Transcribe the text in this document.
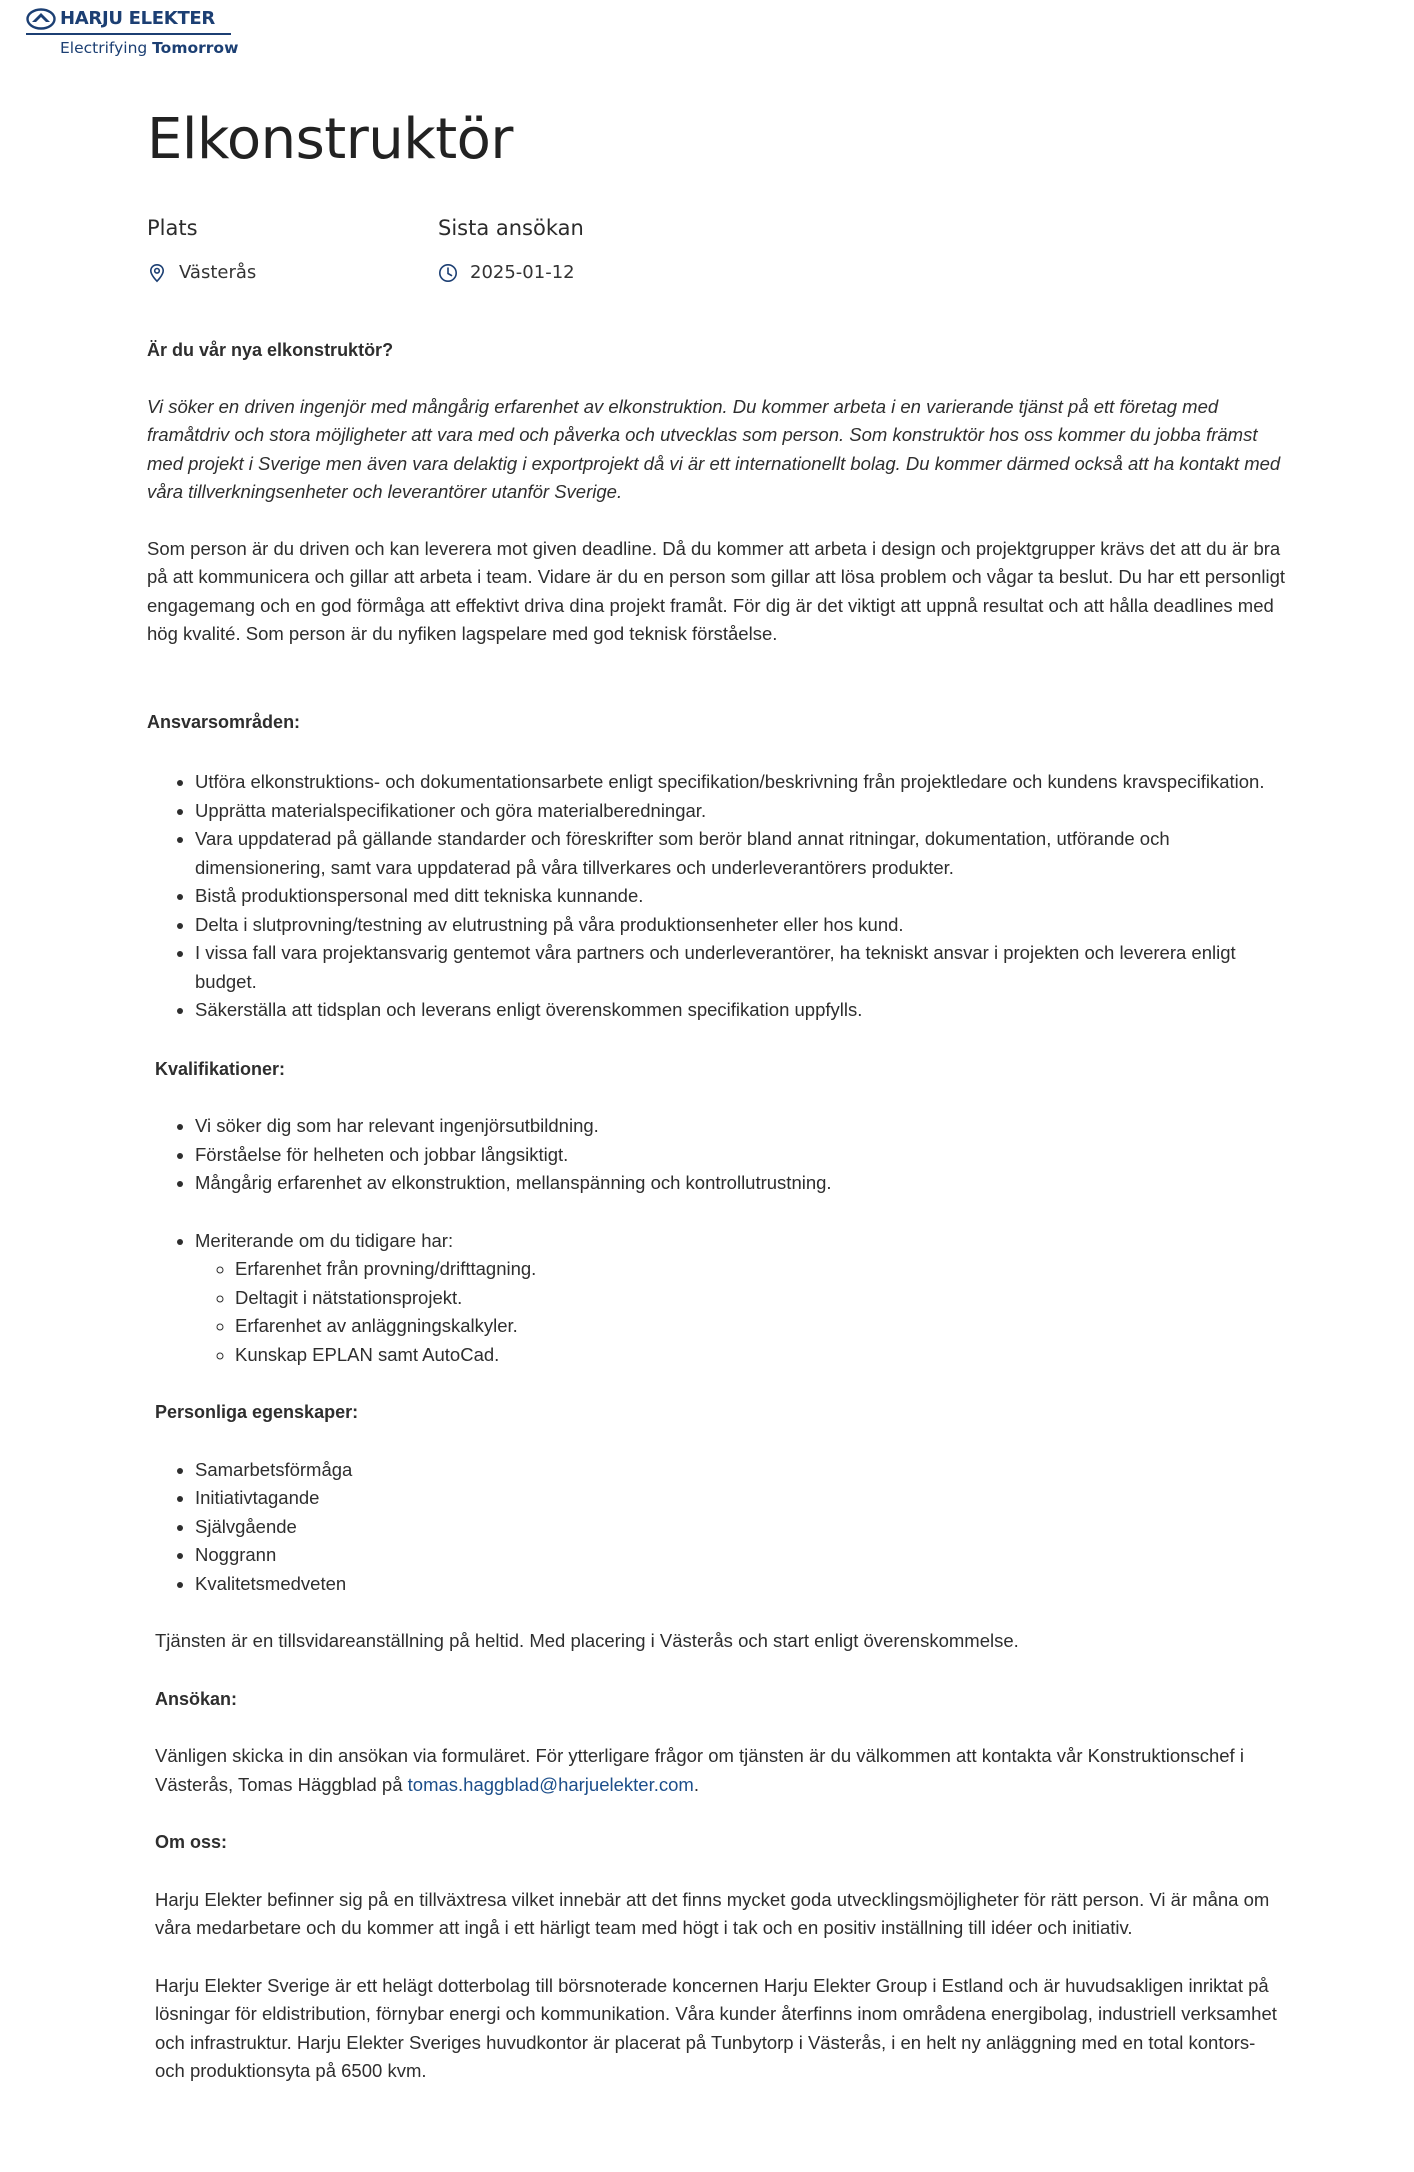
HARJU ELEKTER
Electrifying Tomorrow
Elkonstruktör
Plats
Västerås
Sista ansökan
2025-01-12

Är du vår nya elkonstruktör?

Vi söker en driven ingenjör med mångårig erfarenhet av elkonstruktion. Du kommer arbeta i en varierande tjänst på ett företag med framåtdriv och stora möjligheter att vara med och påverka och utvecklas som person. Som konstruktör hos oss kommer du jobba främst med projekt i Sverige men även vara delaktig i exportprojekt då vi är ett internationellt bolag. Du kommer därmed också att ha kontakt med våra tillverkningsenheter och leverantörer utanför Sverige.

Som person är du driven och kan leverera mot given deadline. Då du kommer att arbeta i design och projektgrupper krävs det att du är bra på att kommunicera och gillar att arbeta i team. Vidare är du en person som gillar att lösa problem och vågar ta beslut. Du har ett personligt engagemang och en god förmåga att effektivt driva dina projekt framåt. För dig är det viktigt att uppnå resultat och att hålla deadlines med hög kvalité. Som person är du nyfiken lagspelare med god teknisk förståelse.

Ansvarsområden:

• Utföra elkonstruktions- och dokumentationsarbete enligt specifikation/beskrivning från projektledare och kundens kravspecifikation.
• Upprätta materialspecifikationer och göra materialberedningar.
• Vara uppdaterad på gällande standarder och föreskrifter som berör bland annat ritningar, dokumentation, utförande och dimensionering, samt vara uppdaterad på våra tillverkares och underleverantörers produkter.
• Bistå produktionspersonal med ditt tekniska kunnande.
• Delta i slutprovning/testning av elutrustning på våra produktionsenheter eller hos kund.
• I vissa fall vara projektansvarig gentemot våra partners och underleverantörer, ha tekniskt ansvar i projekten och leverera enligt budget.
• Säkerställa att tidsplan och leverans enligt överenskommen specifikation uppfylls.

Kvalifikationer:

• Vi söker dig som har relevant ingenjörsutbildning.
• Förståelse för helheten och jobbar långsiktigt.
• Mångårig erfarenhet av elkonstruktion, mellanspänning och kontrollutrustning.
• Meriterande om du tidigare har:
◦ Erfarenhet från provning/drifttagning.
◦ Deltagit i nätstationsprojekt.
◦ Erfarenhet av anläggningskalkyler.
◦ Kunskap EPLAN samt AutoCad.

Personliga egenskaper:

• Samarbetsförmåga
• Initiativtagande
• Självgående
• Noggrann
• Kvalitetsmedveten

Tjänsten är en tillsvidareanställning på heltid. Med placering i Västerås och start enligt överenskommelse.

Ansökan:

Vänligen skicka in din ansökan via formuläret. För ytterligare frågor om tjänsten är du välkommen att kontakta vår Konstruktionschef i Västerås, Tomas Häggblad på tomas.haggblad@harjuelekter.com.

Om oss:

Harju Elekter befinner sig på en tillväxtresa vilket innebär att det finns mycket goda utvecklingsmöjligheter för rätt person. Vi är måna om våra medarbetare och du kommer att ingå i ett härligt team med högt i tak och en positiv inställning till idéer och initiativ.

Harju Elekter Sverige är ett helägt dotterbolag till börsnoterade koncernen Harju Elekter Group i Estland och är huvudsakligen inriktat på lösningar för eldistribution, förnybar energi och kommunikation. Våra kunder återfinns inom områdena energibolag, industriell verksamhet och infrastruktur. Harju Elekter Sveriges huvudkontor är placerat på Tunbytorp i Västerås, i en helt ny anläggning med en total kontors- och produktionsyta på 6500 kvm.
